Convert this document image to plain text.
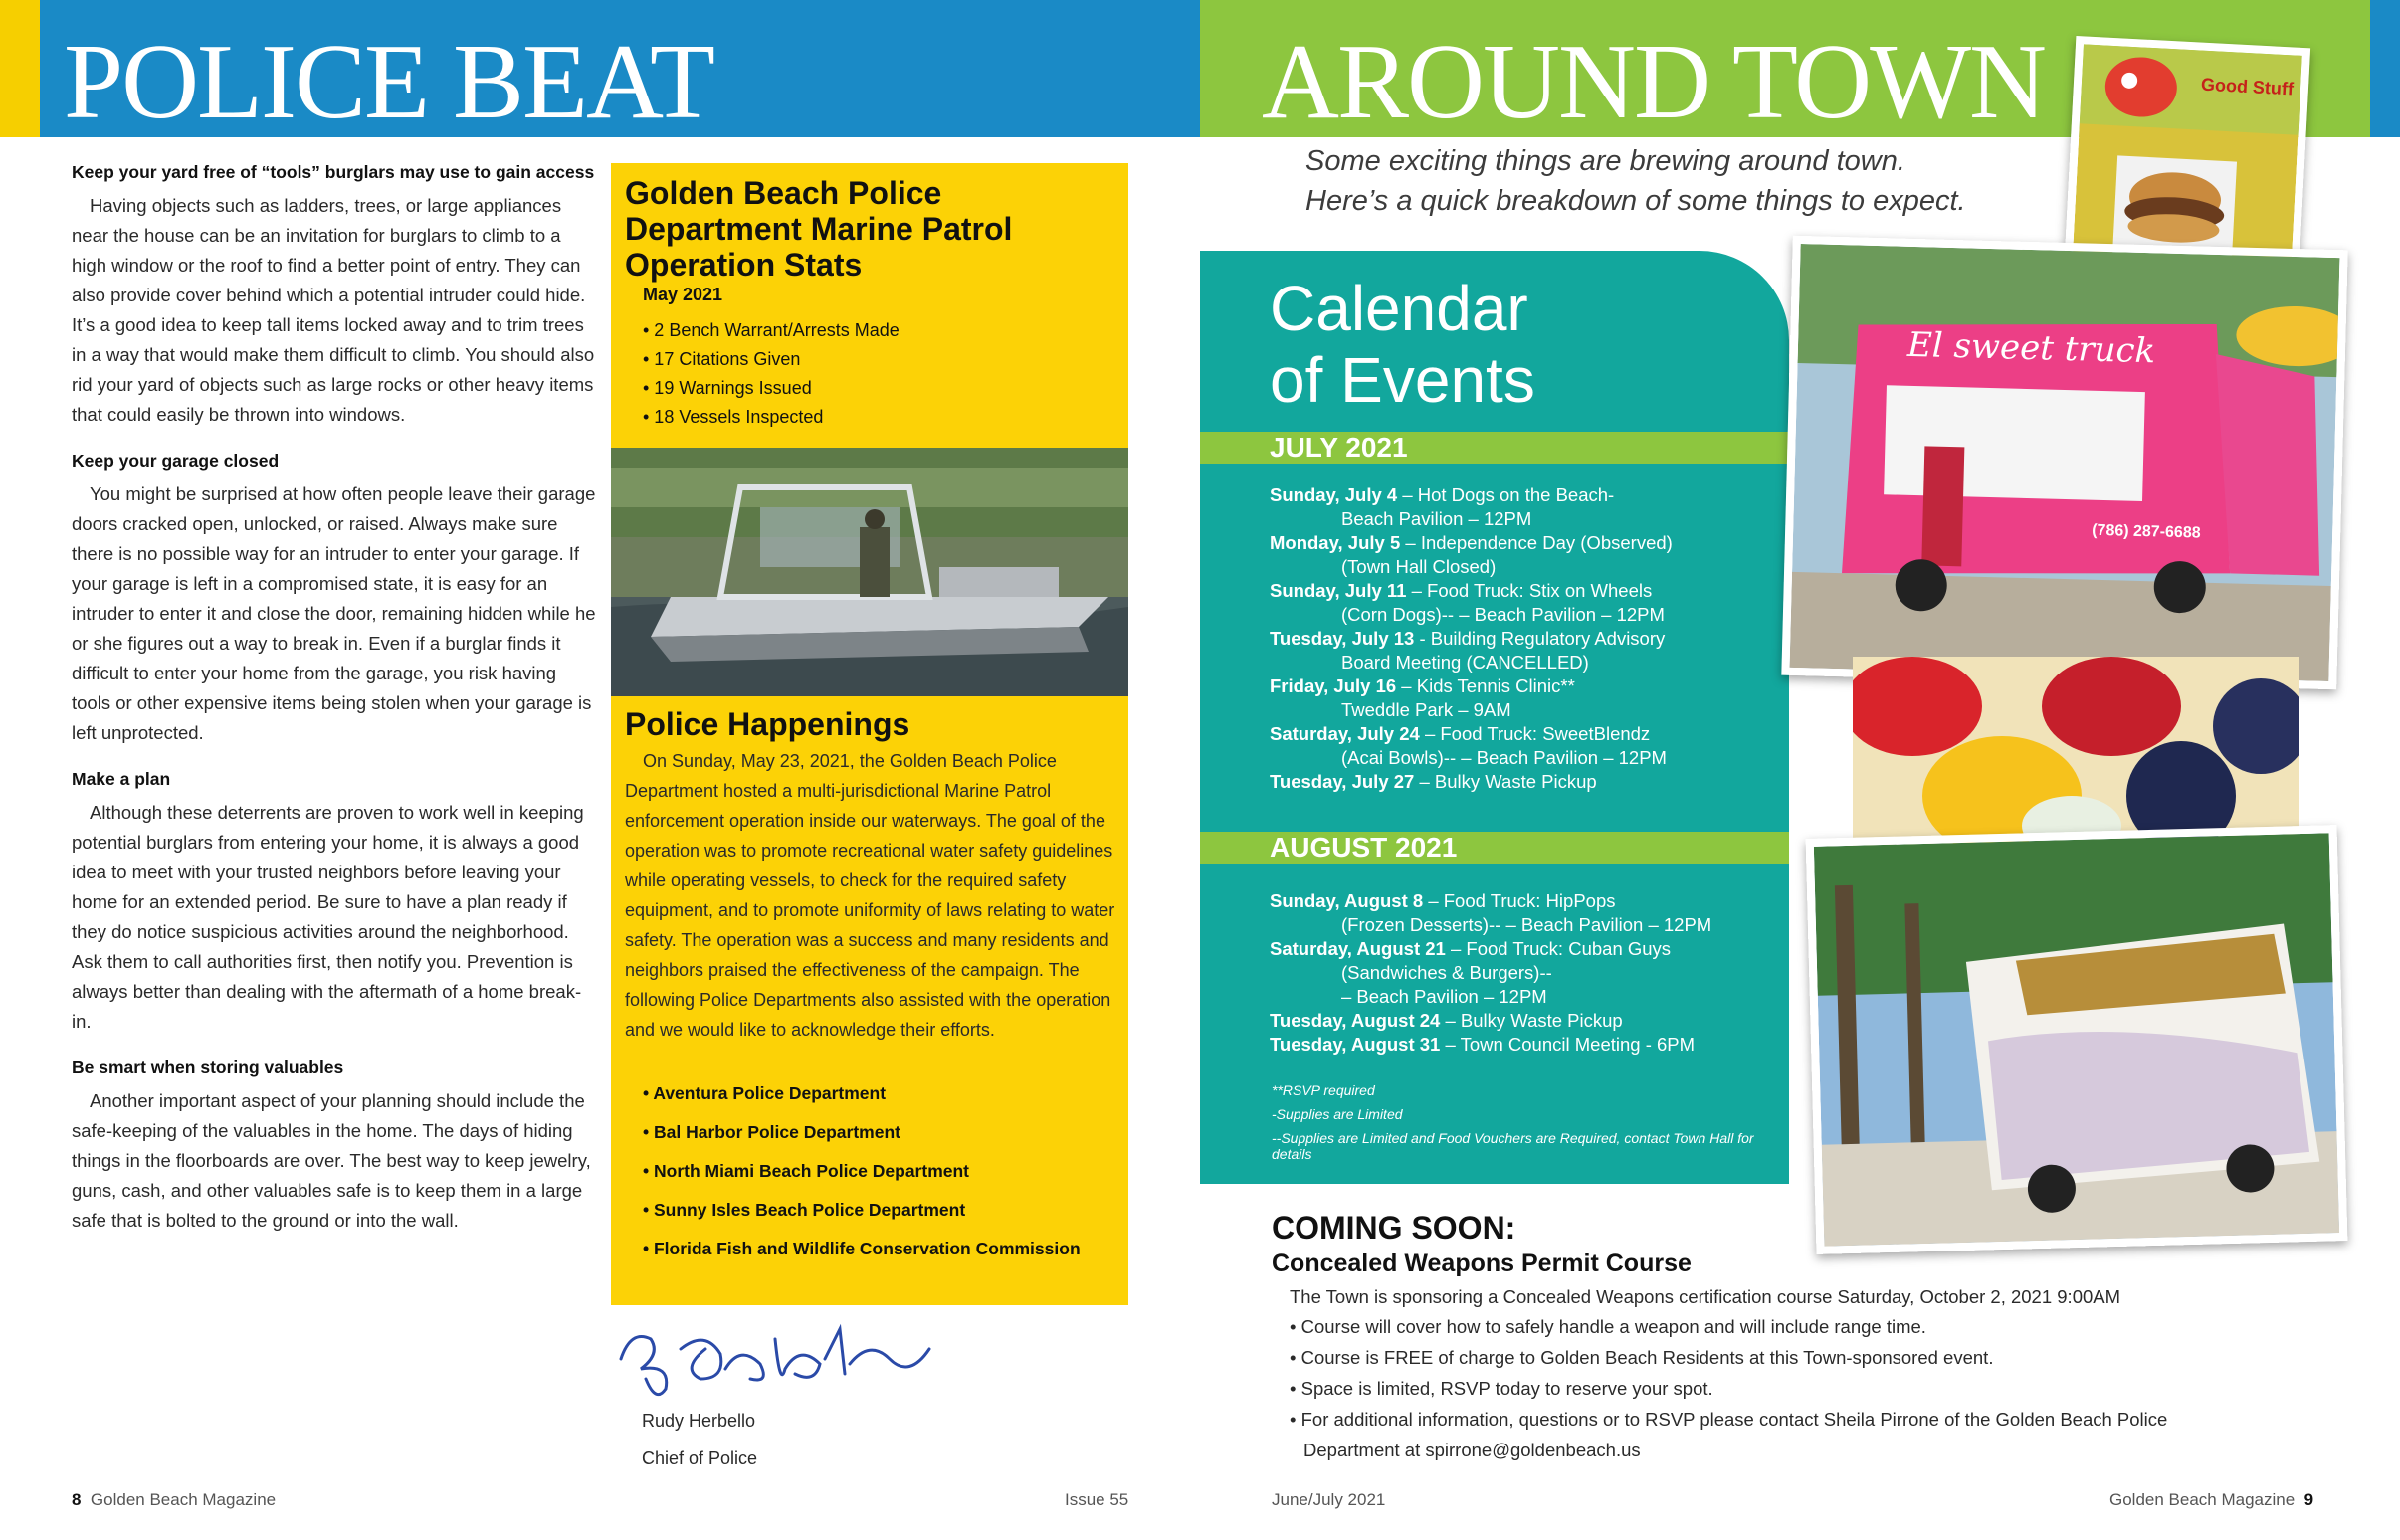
POLICE BEAT	AROUND TOWN
Keep your yard free of “tools” burglars may use to gain access

Having objects such as ladders, trees, or large appliances near the house can be an invitation for burglars to climb to a high window or the roof to find a better point of entry. They can also provide cover behind which a potential intruder could hide. It’s a good idea to keep tall items locked away and to trim trees in a way that would make them difficult to climb. You should also rid your yard of objects such as large rocks or other heavy items that could easily be thrown into windows.

Keep your garage closed

You might be surprised at how often people leave their garage doors cracked open, unlocked, or raised. Always make sure there is no possible way for an intruder to enter your garage. If your garage is left in a compromised state, it is easy for an intruder to enter it and close the door, remaining hidden while he or she figures out a way to break in. Even if a burglar finds it difficult to enter your home from the garage, you risk having tools or other expensive items being stolen when your garage is left unprotected.

Make a plan

Although these deterrents are proven to work well in keeping potential burglars from entering your home, it is always a good idea to meet with your trusted neighbors before leaving your home for an extended period. Be sure to have a plan ready if they do notice suspicious activities around the neighborhood. Ask them to call authorities first, then notify you. Prevention is always better than dealing with the aftermath of a home break-in.

Be smart when storing valuables

Another important aspect of your planning should include the safe-keeping of the valuables in the home. The days of hiding things in the floorboards are over. The best way to keep jewelry, guns, cash, and other valuables safe is to keep them in a large safe that is bolted to the ground or into the wall.

Golden Beach Police Department Marine Patrol Operation Stats
May 2021
• 2 Bench Warrant/Arrests Made
• 17 Citations Given
• 19 Warnings Issued
• 18 Vessels Inspected
Police Happenings
On Sunday, May 23, 2021, the Golden Beach Police Department hosted a multi-jurisdictional Marine Patrol enforcement operation inside our waterways. The goal of the operation was to promote recreational water safety guidelines while operating vessels, to check for the required safety equipment, and to promote uniformity of laws relating to water safety. The operation was a success and many residents and neighbors praised the effectiveness of the campaign. The following Police Departments also assisted with the operation and we would like to acknowledge their efforts.
• Aventura Police Department
• Bal Harbor Police Department
• North Miami Beach Police Department
• Sunny Isles Beach Police Department
• Florida Fish and Wildlife Conservation Commission
Rudy Herbello
Chief of Police
Some exciting things are brewing around town.
Here’s a quick breakdown of some things to expect.
Calendar
of Events
JULY 2021
Sunday, July 4 – Hot Dogs on the Beach-
Beach Pavilion – 12PM
Monday, July 5 – Independence Day (Observed)
(Town Hall Closed)
Sunday, July 11 – Food Truck: Stix on Wheels
(Corn Dogs)-- – Beach Pavilion – 12PM
Tuesday, July 13 - Building Regulatory Advisory
Board Meeting (CANCELLED)
Friday, July 16 – Kids Tennis Clinic**
Tweddle Park – 9AM
Saturday, July 24 – Food Truck: SweetBlendz
(Acai Bowls)-- – Beach Pavilion – 12PM
Tuesday, July 27 – Bulky Waste Pickup
AUGUST 2021
Sunday, August 8 – Food Truck: HipPops
(Frozen Desserts)-- – Beach Pavilion – 12PM
Saturday, August 21 – Food Truck: Cuban Guys
(Sandwiches & Burgers)--
– Beach Pavilion – 12PM
Tuesday, August 24 – Bulky Waste Pickup
Tuesday, August 31 – Town Council Meeting - 6PM
**RSVP required
-Supplies are Limited
--Supplies are Limited and Food Vouchers are Required, contact Town Hall for details
Good Stuff
El sweet truck
(786) 287-6688
COMING SOON:
Concealed Weapons Permit Course
The Town is sponsoring a Concealed Weapons certification course Saturday, October 2, 2021 9:00AM
• Course will cover how to safely handle a weapon and will include range time.
• Course is FREE of charge to Golden Beach Residents at this Town-sponsored event.
• Space is limited, RSVP today to reserve your spot.
• For additional information, questions or to RSVP please contact Sheila Pirrone of the Golden Beach Police Department at spirrone@goldenbeach.us
8 Golden Beach Magazine	Issue 55	June/July 2021	Golden Beach Magazine 9
